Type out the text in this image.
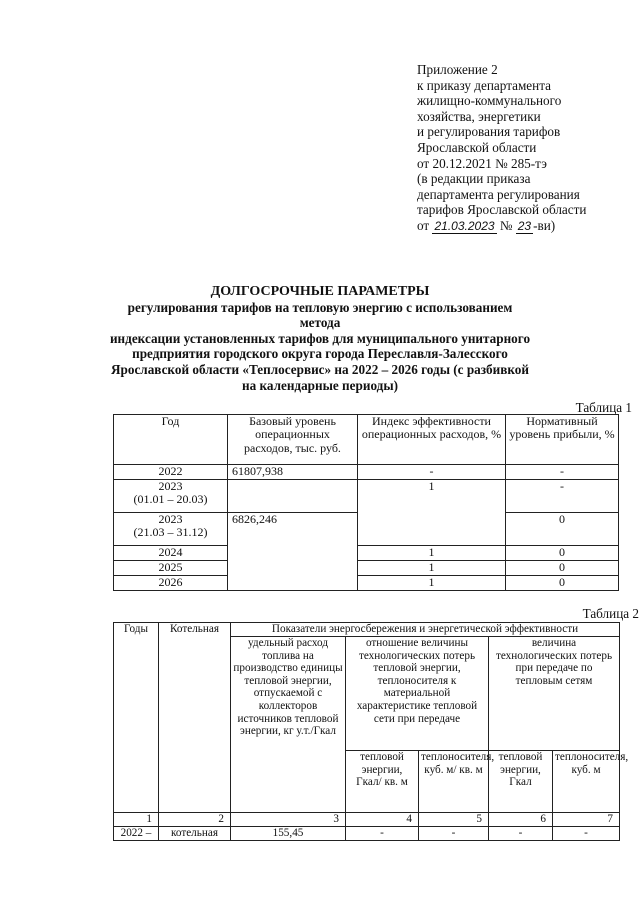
Приложение 2
к приказу департамента
жилищно-коммунального
хозяйства, энергетики
и регулирования тарифов
Ярославской области
от 20.12.2021 № 285-тэ
(в редакции приказа
департамента регулирования
тарифов Ярославской области
от 21.03.2023 № 23 -ви)
ДОЛГОСРОЧНЫЕ ПАРАМЕТРЫ
регулирования тарифов на тепловую энергию с использованием метода
индексации установленных тарифов для муниципального унитарного
предприятия городского округа города Переславля-Залесского
Ярославской области «Теплосервис» на 2022 – 2026 годы (с разбивкой
на календарные периоды)
Таблица 1
Год	Базовый уровень операционных расходов, тыс. руб.	Индекс эффективности операционных расходов, %	Нормативный уровень прибыли, %
2022	61807,938	-	-

2023
(01.01 – 20.03)		1	-

2023
(21.03 – 31.12)	6826,246		0
2024		1	0
2025		1	0
2026		1	0
Таблица 2
Годы	Котельная	Показатели энергосбережения и энергетической эффективности				
		удельный расход топлива на производство единицы тепловой энергии, отпускаемой с коллекторов источников тепловой энергии, кг у.т./Гкал	отношение величины технологических потерь тепловой энергии, теплоносителя к материальной характеристике тепловой сети при передаче		величина технологических потерь при передаче по тепловым сетям	
			тепловой энергии, Гкал/ кв. м	теплоносителя, куб. м/ кв. м	тепловой энергии, Гкал	теплоносителя, куб. м
1	2	3	4	5	6	7
2022 –	котельная	155,45	-	-	-	-
